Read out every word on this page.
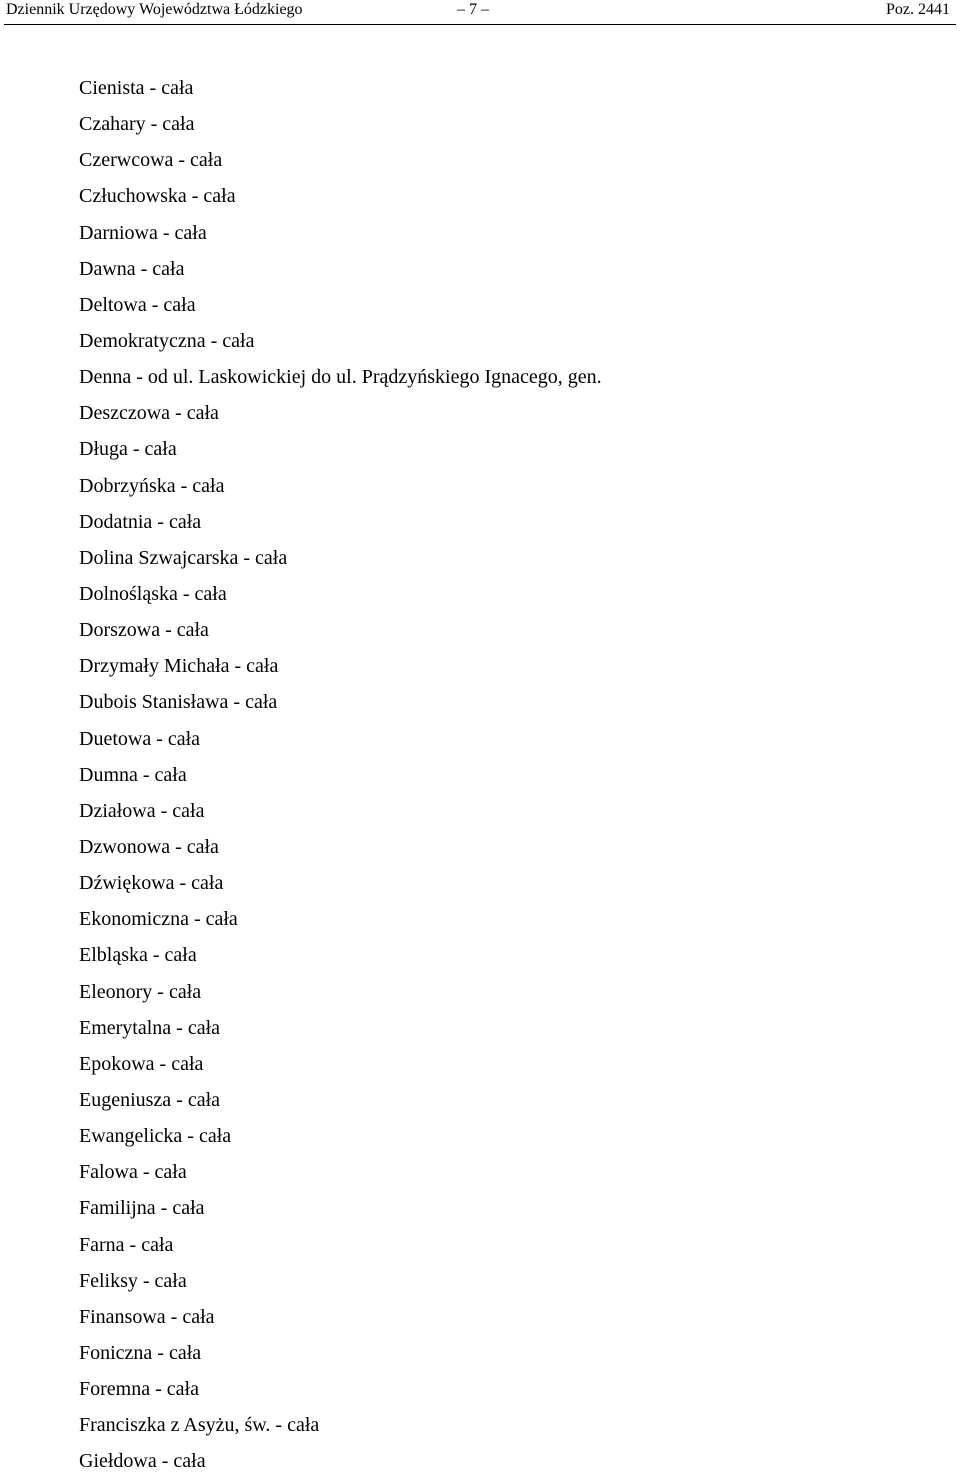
Dziennik Urzędowy Województwa Łódzkiego	– 7 –	Poz. 2441
Cienista - cała
Czahary - cała
Czerwcowa - cała
Człuchowska - cała
Darniowa - cała
Dawna - cała
Deltowa - cała
Demokratyczna - cała
Denna - od ul. Laskowickiej do ul. Prądzyńskiego Ignacego, gen.
Deszczowa - cała
Długa - cała
Dobrzyńska - cała
Dodatnia - cała
Dolina Szwajcarska - cała
Dolnośląska - cała
Dorszowa - cała
Drzymały Michała - cała
Dubois Stanisława - cała
Duetowa - cała
Dumna - cała
Działowa - cała
Dzwonowa - cała
Dźwiękowa - cała
Ekonomiczna - cała
Elbląska - cała
Eleonory - cała
Emerytalna - cała
Epokowa - cała
Eugeniusza - cała
Ewangelicka - cała
Falowa - cała
Familijna - cała
Farna - cała
Feliksy - cała
Finansowa - cała
Foniczna - cała
Foremna - cała
Franciszka z Asyżu, św. - cała
Giełdowa - cała
